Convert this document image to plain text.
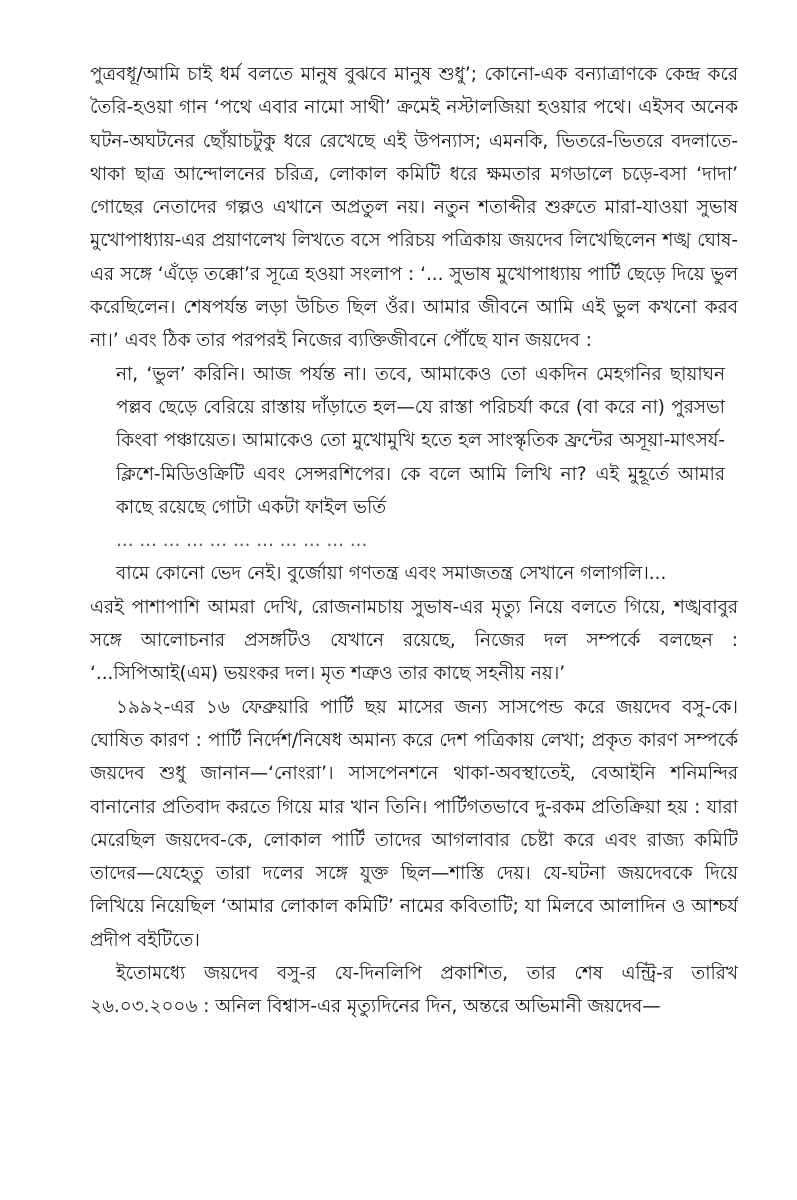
পুত্রবধূ/আমি চাই ধর্ম বলতে মানুষ বুঝবে মানুষ শুধু’; কোনো-এক বন্যাত্রাণকে কেন্দ্র করে তৈরি-হওয়া গান ‘পথে এবার নামো সাথী’ ক্রমেই নস্টালজিয়া হওয়ার পথে। এইসব অনেক ঘটন-অঘটনের ছোঁয়াচটুকু ধরে রেখেছে এই উপন্যাস; এমনকি, ভিতরে-ভিতরে বদলাতে-থাকা ছাত্র আন্দোলনের চরিত্র, লোকাল কমিটি ধরে ক্ষমতার মগডালে চড়ে-বসা ‘দাদা’ গোছের নেতাদের গল্পও এখানে অপ্রতুল নয়। নতুন শতাব্দীর শুরুতে মারা-যাওয়া সুভাষ মুখোপাধ্যায়-এর প্রয়াণলেখ লিখতে বসে পরিচয় পত্রিকায় জয়দেব লিখেছিলেন শঙ্খ ঘোষ-এর সঙ্গে ‘এঁড়ে তক্কো’র সূত্রে হওয়া সংলাপ : ‘... সুভাষ মুখোপাধ্যায় পার্টি ছেড়ে দিয়ে ভুল করেছিলেন। শেষপর্যন্ত লড়া উচিত ছিল ওঁর। আমার জীবনে আমি এই ভুল কখনো করব না।’ এবং ঠিক তার পরপরই নিজের ব্যক্তিজীবনে পৌঁছে যান জয়দেব :

না, ‘ভুল’ করিনি। আজ পর্যন্ত না। তবে, আমাকেও তো একদিন মেহগনির ছায়াঘন পল্লব ছেড়ে বেরিয়ে রাস্তায় দাঁড়াতে হল—যে রাস্তা পরিচর্যা করে (বা করে না) পুরসভা কিংবা পঞ্চায়েত। আমাকেও তো মুখোমুখি হতে হল সাংস্কৃতিক ফ্রন্টের অসূয়া-মাৎসর্য-ক্লিশে-মিডিওক্রিটি এবং সেন্সরশিপের। কে বলে আমি লিখি না? এই মুহূর্তে আমার কাছে রয়েছে গোটা একটা ফাইল ভর্তি

... ... ... ... ... ... ... ... ... ... ...

বামে কোনো ভেদ নেই। বুর্জোয়া গণতন্ত্র এবং সমাজতন্ত্র সেখানে গলাগলি।...

এরই পাশাপাশি আমরা দেখি, রোজনামচায় সুভাষ-এর মৃত্যু নিয়ে বলতে গিয়ে, শঙ্খবাবুর সঙ্গে আলোচনার প্রসঙ্গটিও যেখানে রয়েছে, নিজের দল সম্পর্কে বলছেন : ‘...সিপিআই(এম) ভয়ংকর দল। মৃত শত্রুও তার কাছে সহনীয় নয়।’

১৯৯২-এর ১৬ ফেব্রুয়ারি পার্টি ছয় মাসের জন্য সাসপেন্ড করে জয়দেব বসু-কে। ঘোষিত কারণ : পার্টি নির্দেশ/নিষেধ অমান্য করে দেশ পত্রিকায় লেখা; প্রকৃত কারণ সম্পর্কে জয়দেব শুধু জানান—‘নোংরা’। সাসপেনশনে থাকা-অবস্থাতেই, বেআইনি শনিমন্দির বানানোর প্রতিবাদ করতে গিয়ে মার খান তিনি। পার্টিগতভাবে দু-রকম প্রতিক্রিয়া হয় : যারা মেরেছিল জয়দেব-কে, লোকাল পার্টি তাদের আগলাবার চেষ্টা করে এবং রাজ্য কমিটি তাদের—যেহেতু তারা দলের সঙ্গে যুক্ত ছিল—শাস্তি দেয়। যে-ঘটনা জয়দেবকে দিয়ে লিখিয়ে নিয়েছিল ‘আমার লোকাল কমিটি’ নামের কবিতাটি; যা মিলবে আলাদিন ও আশ্চর্য প্রদীপ বইটিতে।

ইতোমধ্যে জয়দেব বসু-র যে-দিনলিপি প্রকাশিত, তার শেষ এন্ট্রি-র তারিখ ২৬.০৩.২০০৬ : অনিল বিশ্বাস-এর মৃত্যুদিনের দিন, অন্তরে অভিমানী জয়দেব—
